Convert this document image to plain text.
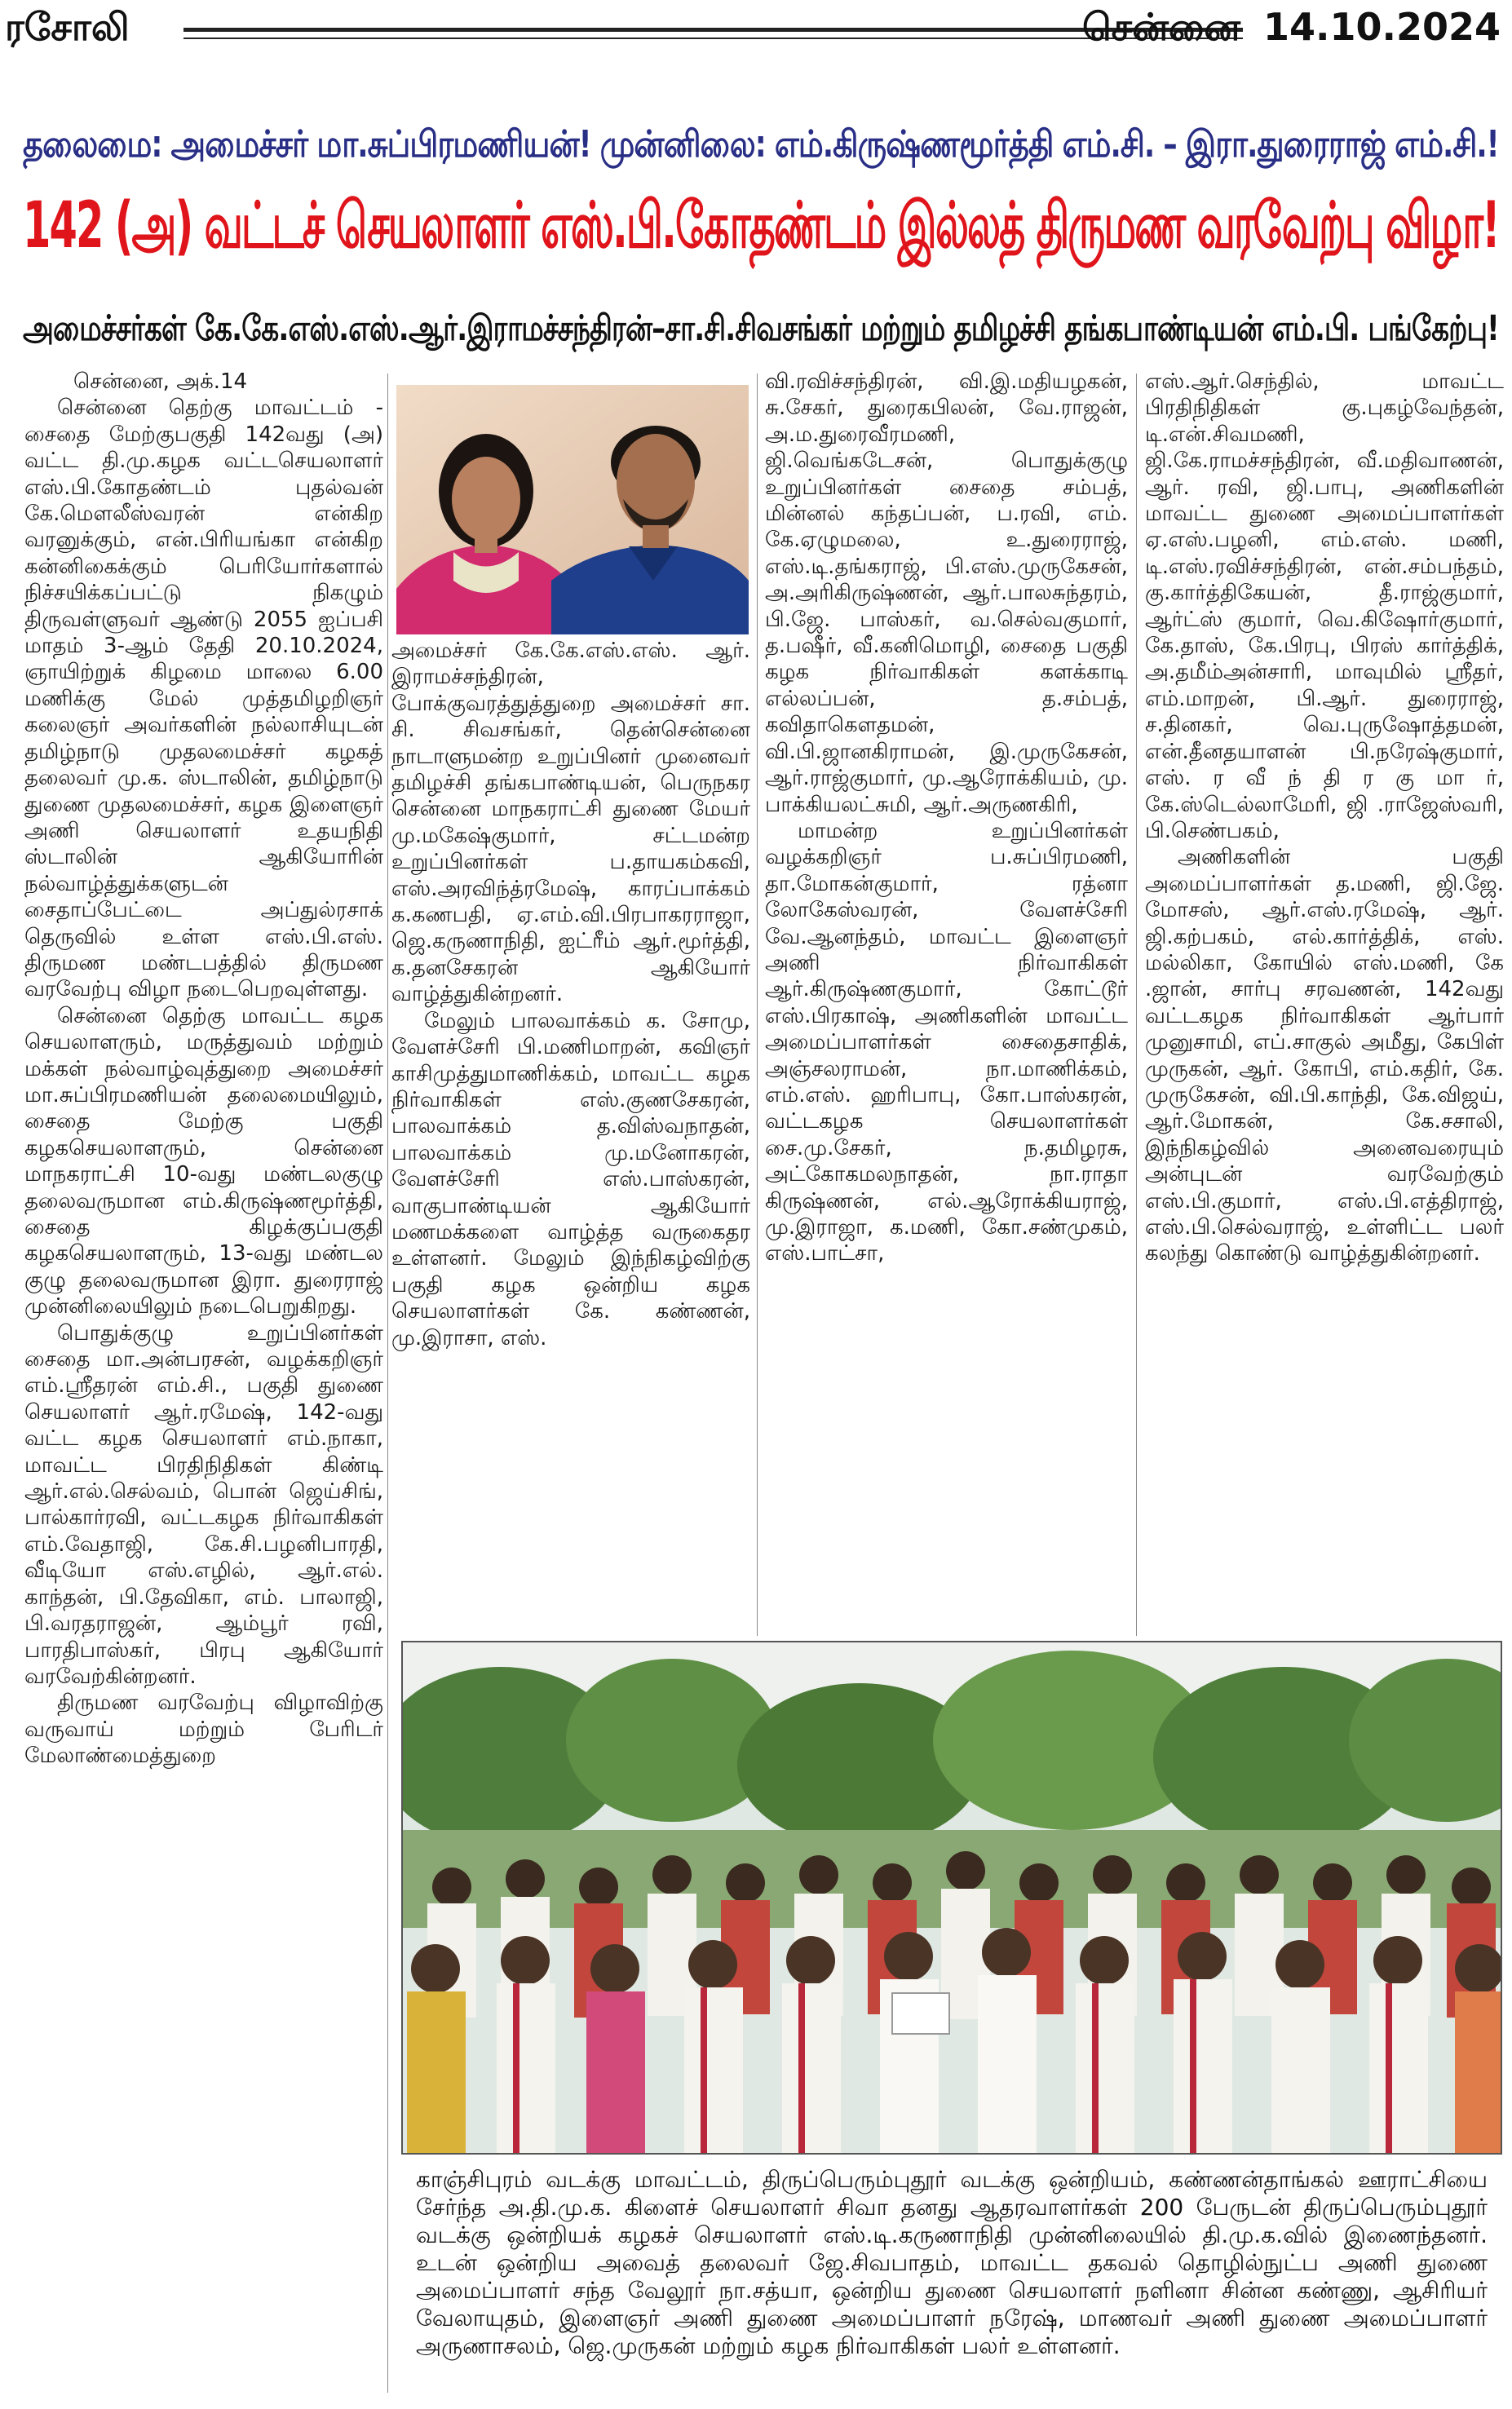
ரசோலி	சென்னை 14.10.2024
தலைமை: அமைச்சர் மா.சுப்பிரமணியன்! முன்னிலை: எம்.கிருஷ்ணமூர்த்தி எம்.சி. – இரா.துரைராஜ் எம்.சி.!
142 (அ) வட்டச் செயலாளர் எஸ்.பி.கோதண்டம் இல்லத் திருமண வரவேற்பு விழா!
அமைச்சர்கள் கே.கே.எஸ்.எஸ்.ஆர்.இராமச்சந்திரன்–சா.சி.சிவசங்கர் மற்றும் தமிழச்சி தங்கபாண்டியன் எம்.பி. பங்கேற்பு!

சென்னை, அக்.14

சென்னை தெற்கு மாவட்டம் - சைதை மேற்குபகுதி 142வது (அ) வட்ட தி.மு.கழக வட்டசெயலாளர் எஸ்.பி.கோதண்டம் புதல்வன் கே.மௌலீஸ்வரன் என்கிற வரனுக்கும், என்.பிரியங்கா என்கிற கன்னிகைக்கும் பெரியோர்களால் நிச்சயிக்கப்பட்டு நிகழும் திருவள்ளுவர் ஆண்டு 2055 ஐப்பசி மாதம் 3-ஆம் தேதி 20.10.2024, ஞாயிற்றுக் கிழமை மாலை 6.00 மணிக்கு மேல் முத்தமிழறிஞர் கலைஞர் அவர்களின் நல்லாசியுடன் தமிழ்நாடு முதலமைச்சர் கழகத் தலைவர் மு.க. ஸ்டாலின், தமிழ்நாடு துணை முதலமைச்சர், கழக இளைஞர் அணி செயலாளர் உதயநிதி ஸ்டாலின் ஆகியோரின் நல்வாழ்த்துக்களுடன் சைதாப்பேட்டை அப்துல்ரசாக் தெருவில் உள்ள எஸ்.பி.எஸ். திருமண மண்டபத்தில் திருமண வரவேற்பு விழா நடைபெறவுள்ளது.

சென்னை தெற்கு மாவட்ட கழக செயலாளரும், மருத்துவம் மற்றும் மக்கள் நல்வாழ்வுத்துறை அமைச்சர் மா.சுப்பிரமணியன் தலைமையிலும், சைதை மேற்கு பகுதி கழகசெயலாளரும், சென்னை மாநகராட்சி 10-வது மண்டலகுழு தலைவருமான எம்.கிருஷ்ணமூர்த்தி, சைதை கிழக்குப்பகுதி கழகசெயலாளரும், 13-வது மண்டல குழு தலைவருமான இரா. துரைராஜ் முன்னிலையிலும் நடைபெறுகிறது.

பொதுக்குழு உறுப்பினர்கள் சைதை மா.அன்பரசன், வழக்கறிஞர் எம்.ஸ்ரீதரன் எம்.சி., பகுதி துணை செயலாளர் ஆர்.ரமேஷ், 142-வது வட்ட கழக செயலாளர் எம்.நாகா, மாவட்ட பிரதிநிதிகள் கிண்டி ஆர்.எல்.செல்வம், பொன் ஜெய்சிங், பால்கார்ரவி, வட்டகழக நிர்வாகிகள் எம்.வேதாஜி, கே.சி.பழனிபாரதி, வீடியோ எஸ்.எழில், ஆர்.எல். காந்தன், பி.தேவிகா, எம். பாலாஜி, பி.வரதராஜன், ஆம்பூர் ரவி, பாரதிபாஸ்கர், பிரபு ஆகியோர் வரவேற்கின்றனர்.

திருமண வரவேற்பு விழாவிற்கு வருவாய் மற்றும் பேரிடர் மேலாண்மைத்துறை

அமைச்சர் கே.கே.எஸ்.எஸ். ஆர். இராமச்சந்திரன், போக்குவரத்துத்துறை அமைச்சர் சா. சி. சிவசங்கர், தென்சென்னை நாடாளுமன்ற உறுப்பினர் முனைவர் தமிழச்சி தங்கபாண்டியன், பெருநகர சென்னை மாநகராட்சி துணை மேயர் மு.மகேஷ்குமார், சட்டமன்ற உறுப்பினர்கள் ப.தாயகம்கவி, எஸ்.அரவிந்த்ரமேஷ், காரப்பாக்கம் க.கணபதி, ஏ.எம்.வி.பிரபாகரராஜா, ஜெ.கருணாநிதி, ஐட்ரீம் ஆர்.மூர்த்தி, க.தனசேகரன் ஆகியோர் வாழ்த்துகின்றனர்.

மேலும் பாலவாக்கம் க. சோமு, வேளச்சேரி பி.மணிமாறன், கவிஞர் காசிமுத்துமாணிக்கம், மாவட்ட கழக நிர்வாகிகள் எஸ்.குணசேகரன், பாலவாக்கம் த.விஸ்வநாதன், பாலவாக்கம் மு.மனோகரன், வேளச்சேரி எஸ்.பாஸ்கரன், வாகுபாண்டியன் ஆகியோர் மணமக்களை வாழ்த்த வருகைதர உள்ளனர். மேலும் இந்நிகழ்விற்கு பகுதி கழக ஒன்றிய கழக செயலாளர்கள் கே. கண்ணன், மு.இராசா, எஸ்.

வி.ரவிச்சந்திரன், வி.இ.மதியழகன், சு.சேகர், துரைகபிலன், வே.ராஜன், அ.ம.துரைவீரமணி, ஜி.வெங்கடேசன், பொதுக்குழு உறுப்பினர்கள் சைதை சம்பத், மின்னல் கந்தப்பன், ப.ரவி, எம். கே.ஏழுமலை, உ.துரைராஜ், எஸ்.டி.தங்கராஜ், பி.எஸ்.முருகேசன், அ.அரிகிருஷ்ணன், ஆர்.பாலசுந்தரம், பி.ஜே. பாஸ்கர், வ.செல்வகுமார், த.பஷீர், வீ.கனிமொழி, சைதை பகுதி கழக நிர்வாகிகள் களக்காடி எல்லப்பன், த.சம்பத், கவிதாகௌதமன், வி.பி.ஜானகிராமன், இ.முருகேசன், ஆர்.ராஜ்குமார், மு.ஆரோக்கியம், மு. பாக்கியலட்சுமி, ஆர்.அருணகிரி,

மாமன்ற உறுப்பினர்கள் வழக்கறிஞர் ப.சுப்பிரமணி, தா.மோகன்குமார், ரத்னா லோகேஸ்வரன், வேளச்சேரி வே.ஆனந்தம், மாவட்ட இளைஞர் அணி நிர்வாகிகள் ஆர்.கிருஷ்ணகுமார், கோட்டூர் எஸ்.பிரகாஷ், அணிகளின் மாவட்ட அமைப்பாளர்கள் சைதைசாதிக், அஞ்சலராமன், நா.மாணிக்கம், எம்.எஸ். ஹரிபாபு, கோ.பாஸ்கரன், வட்டகழக செயலாளர்கள் சை.மு.சேகர், ந.தமிழரசு, அட்கோகமலநாதன், நா.ராதா கிருஷ்ணன், எல்.ஆரோக்கியராஜ், மு.இராஜா, க.மணி, கோ.சண்முகம், எஸ்.பாட்சா,

எஸ்.ஆர்.செந்தில், மாவட்ட பிரதிநிதிகள் கு.புகழ்வேந்தன், டி.என்.சிவமணி, ஜி.கே.ராமச்சந்திரன், வீ.மதிவாணன், ஆர். ரவி, ஜி.பாபு, அணிகளின் மாவட்ட துணை அமைப்பாளர்கள் ஏ.எஸ்.பழனி, எம்.எஸ். மணி, டி.எஸ்.ரவிச்சந்திரன், என்.சம்பந்தம், கு.கார்த்திகேயன், தீ.ராஜ்குமார், ஆர்ட்ஸ் குமார், வெ.கிஷோர்குமார், கே.தாஸ், கே.பிரபு, பிரஸ் கார்த்திக், அ.தமீம்அன்சாரி, மாவுமில் ஸ்ரீதர், எம்.மாறன், பி.ஆர். துரைராஜ், ச.தினகர், வெ.புருஷோத்தமன், என்.தீனதயாளன் பி.நரேஷ்குமார், எஸ். ர வீ ந் தி ர கு மா ர், கே.ஸ்டெல்லாமேரி, ஜி .ராஜேஸ்வரி, பி.செண்பகம்,

அணிகளின் பகுதி அமைப்பாளர்கள் த.மணி, ஜி.ஜே. மோசஸ், ஆர்.எஸ்.ரமேஷ், ஆர். ஜி.கற்பகம், எல்.கார்த்திக், எஸ். மல்லிகா, கோயில் எஸ்.மணி, கே .ஜான், சார்பு சரவணன், 142வது வட்டகழக நிர்வாகிகள் ஆர்பார் முனுசாமி, எப்.சாகுல் அமீது, கேபிள் முருகன், ஆர். கோபி, எம்.கதிர், கே. முருகேசன், வி.பி.காந்தி, கே.விஜய், ஆர்.மோகன், கே.சசாலி, இந்நிகழ்வில் அனைவரையும் அன்புடன் வரவேற்கும் எஸ்.பி.குமார், எஸ்.பி.எத்திராஜ், எஸ்.பி.செல்வராஜ், உள்ளிட்ட பலர் கலந்து கொண்டு வாழ்த்துகின்றனர்.

காஞ்சிபுரம் வடக்கு மாவட்டம், திருப்பெரும்புதூர் வடக்கு ஒன்றியம், கண்ணன்தாங்கல் ஊராட்சியை சேர்ந்த அ.தி.மு.க. கிளைச் செயலாளர் சிவா தனது ஆதரவாளர்கள் 200 பேருடன் திருப்பெரும்புதூர் வடக்கு ஒன்றியக் கழகச் செயலாளர் எஸ்.டி.கருணாநிதி முன்னிலையில் தி.மு.க.வில் இணைந்தனர். உடன் ஒன்றிய அவைத் தலைவர் ஜே.சிவபாதம், மாவட்ட தகவல் தொழில்நுட்ப அணி துணை அமைப்பாளர் சந்த வேலூர் நா.சத்யா, ஒன்றிய துணை செயலாளர் நளினா சின்ன கண்ணு, ஆசிரியர் வேலாயுதம், இளைஞர் அணி துணை அமைப்பாளர் நரேஷ், மாணவர் அணி துணை அமைப்பாளர் அருணாசலம், ஜெ.முருகன் மற்றும் கழக நிர்வாகிகள் பலர் உள்ளனர்.
